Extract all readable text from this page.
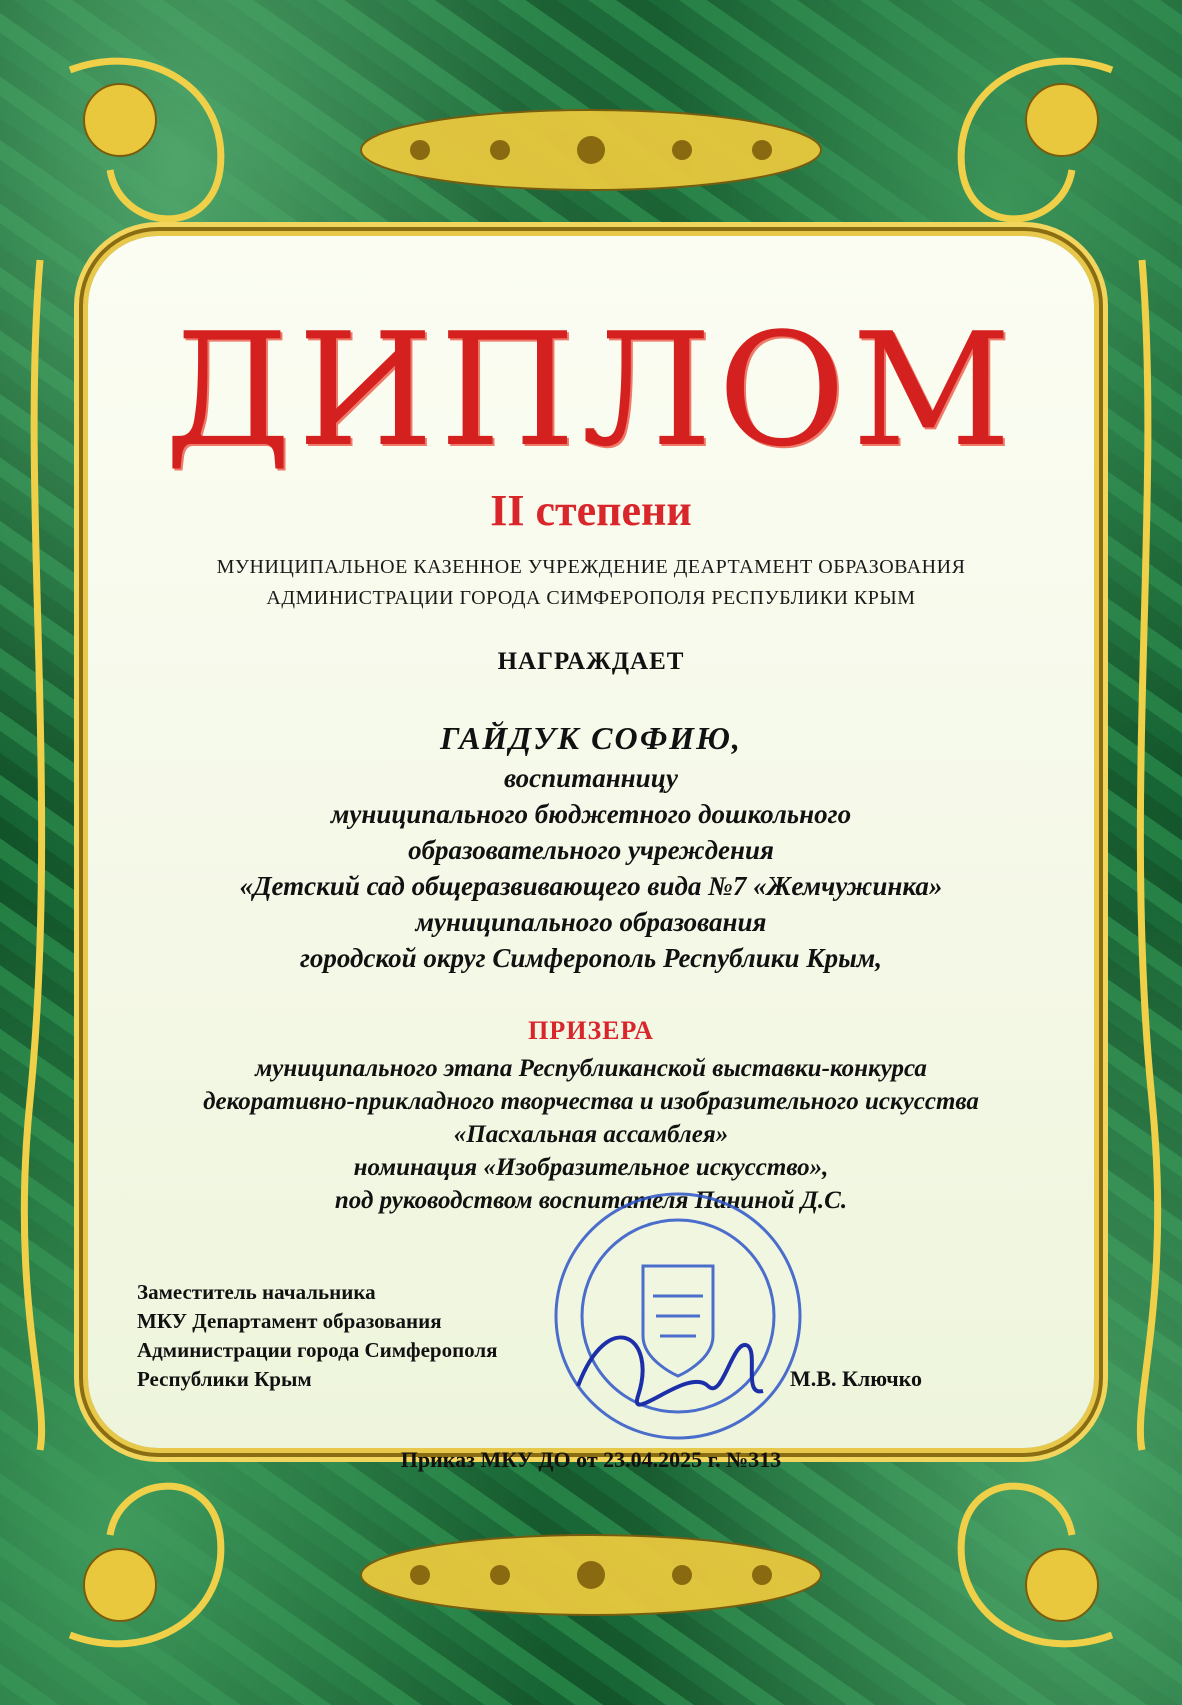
ДИПЛОМ
II степени
МУНИЦИПАЛЬНОЕ КАЗЕННОЕ УЧРЕЖДЕНИЕ ДЕАРТАМЕНТ ОБРАЗОВАНИЯ
АДМИНИСТРАЦИИ ГОРОДА СИМФЕРОПОЛЯ РЕСПУБЛИКИ КРЫМ
НАГРАЖДАЕТ
ГАЙДУК СОФИЮ,
воспитанницу
муниципального бюджетного дошкольного
образовательного учреждения
«Детский сад общеразвивающего вида №7 «Жемчужинка»
муниципального образования
городской округ Симферополь Республики Крым,
ПРИЗЕРА
муниципального этапа Республиканской выставки-конкурса
декоративно-прикладного творчества и изобразительного искусства
«Пасхальная ассамблея»
номинация «Изобразительное искусство»,
под руководством воспитателя Паниной Д.С.
Заместитель начальника
МКУ Департамент образования
Администрации города Симферополя
Республики Крым	М.В. Ключко
Приказ МКУ ДО от 23.04.2025 г. №313
